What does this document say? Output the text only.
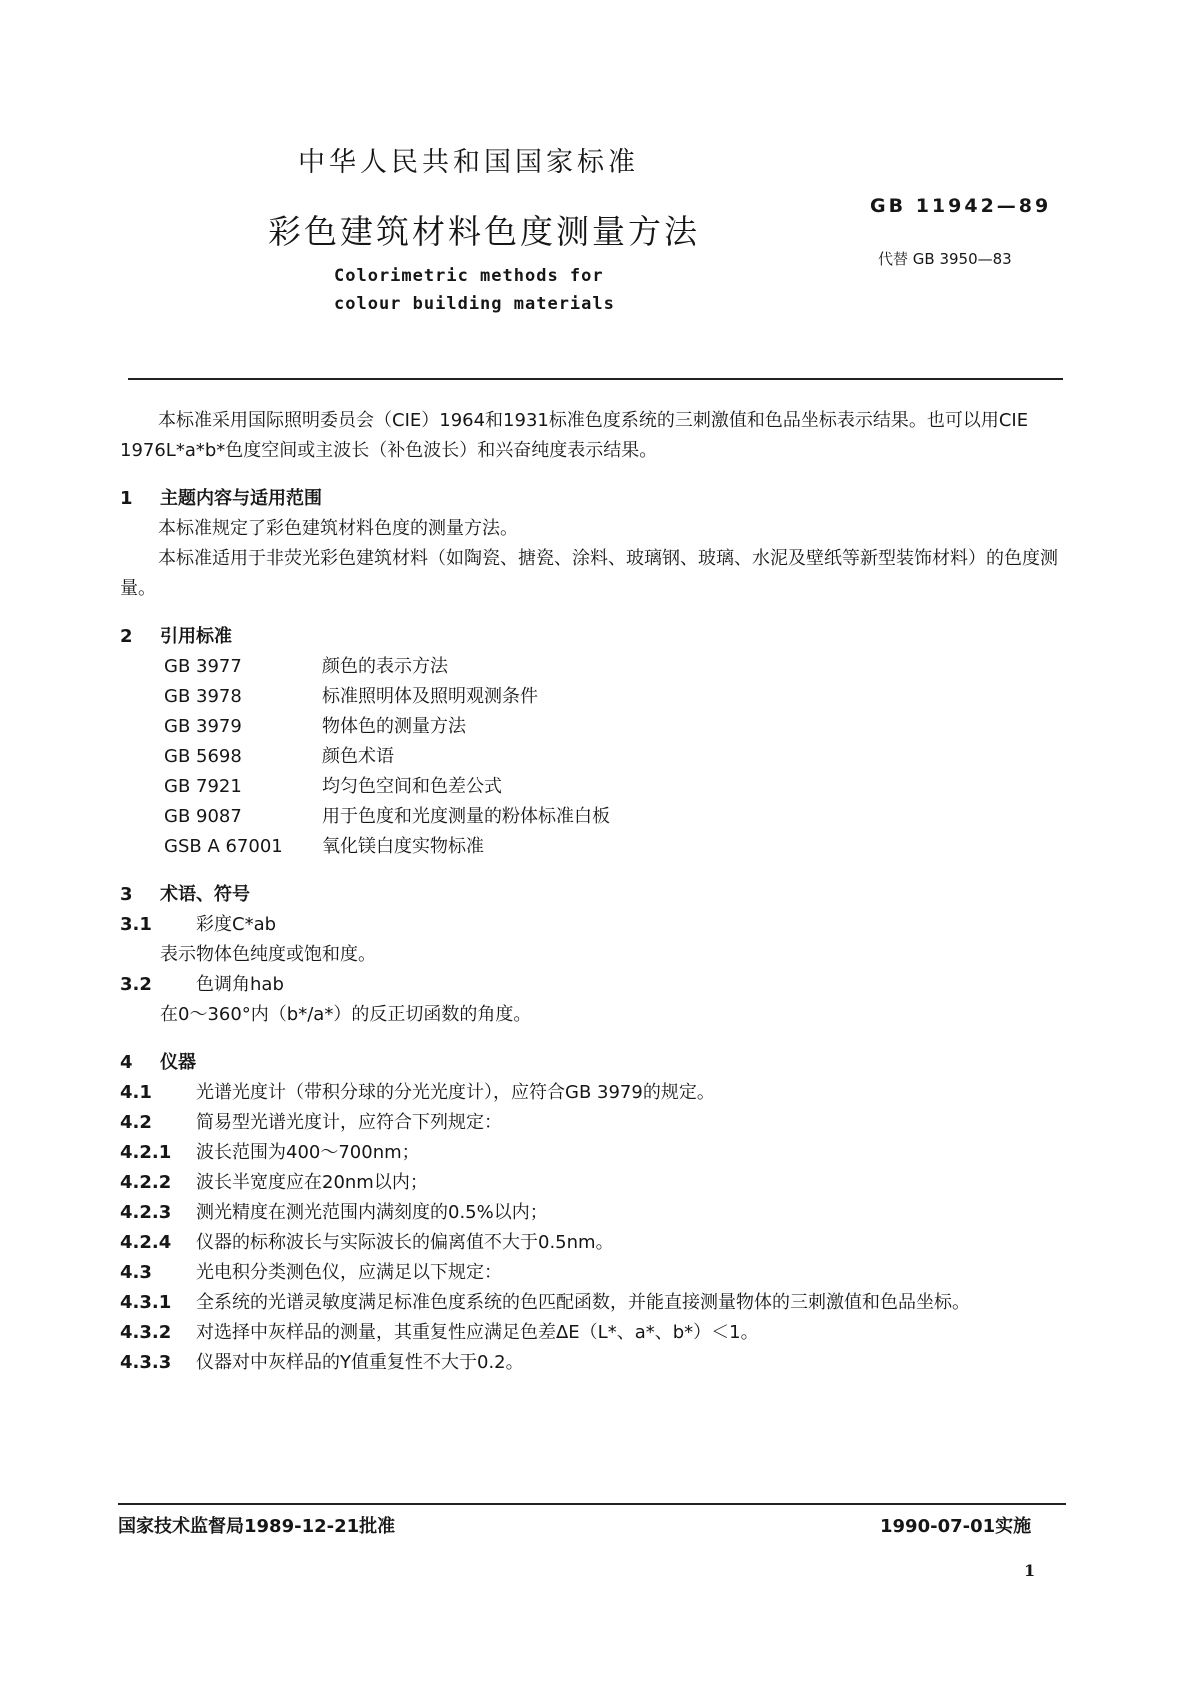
中华人民共和国国家标准
彩色建筑材料色度测量方法
Colorimetric methods for
colour building materials
GB 11942—89
代替 GB 3950—83
本标准采用国际照明委员会（CIE）1964和1931标准色度系统的三刺激值和色品坐标表示结果。也可以用CIE 1976L*a*b*色度空间或主波长（补色波长）和兴奋纯度表示结果。
1 主题内容与适用范围
本标准规定了彩色建筑材料色度的测量方法。
本标准适用于非荧光彩色建筑材料（如陶瓷、搪瓷、涂料、玻璃钢、玻璃、水泥及壁纸等新型装饰材料）的色度测量。
2 引用标准
GB 3977	颜色的表示方法
GB 3978	标准照明体及照明观测条件
GB 3979	物体色的测量方法
GB 5698	颜色术语
GB 7921	均匀色空间和色差公式
GB 9087	用于色度和光度测量的粉体标准白板
GSB A 67001 氧化镁白度实物标准
3 术语、符号
3.1 彩度C*ab
表示物体色纯度或饱和度。
3.2 色调角hab
在0～360°内（b*/a*）的反正切函数的角度。
4 仪器
4.1 光谱光度计（带积分球的分光光度计），应符合GB 3979的规定。
4.2 简易型光谱光度计，应符合下列规定：
4.2.1 波长范围为400～700nm；
4.2.2 波长半宽度应在20nm以内；
4.2.3 测光精度在测光范围内满刻度的0.5%以内；
4.2.4 仪器的标称波长与实际波长的偏离值不大于0.5nm。
4.3 光电积分类测色仪，应满足以下规定：
4.3.1 全系统的光谱灵敏度满足标准色度系统的色匹配函数，并能直接测量物体的三刺激值和色品坐标。
4.3.2 对选择中灰样品的测量，其重复性应满足色差ΔE（L*、a*、b*）＜1。
4.3.3 仪器对中灰样品的Y值重复性不大于0.2。
国家技术监督局1989-12-21批准	1990-07-01实施
1
